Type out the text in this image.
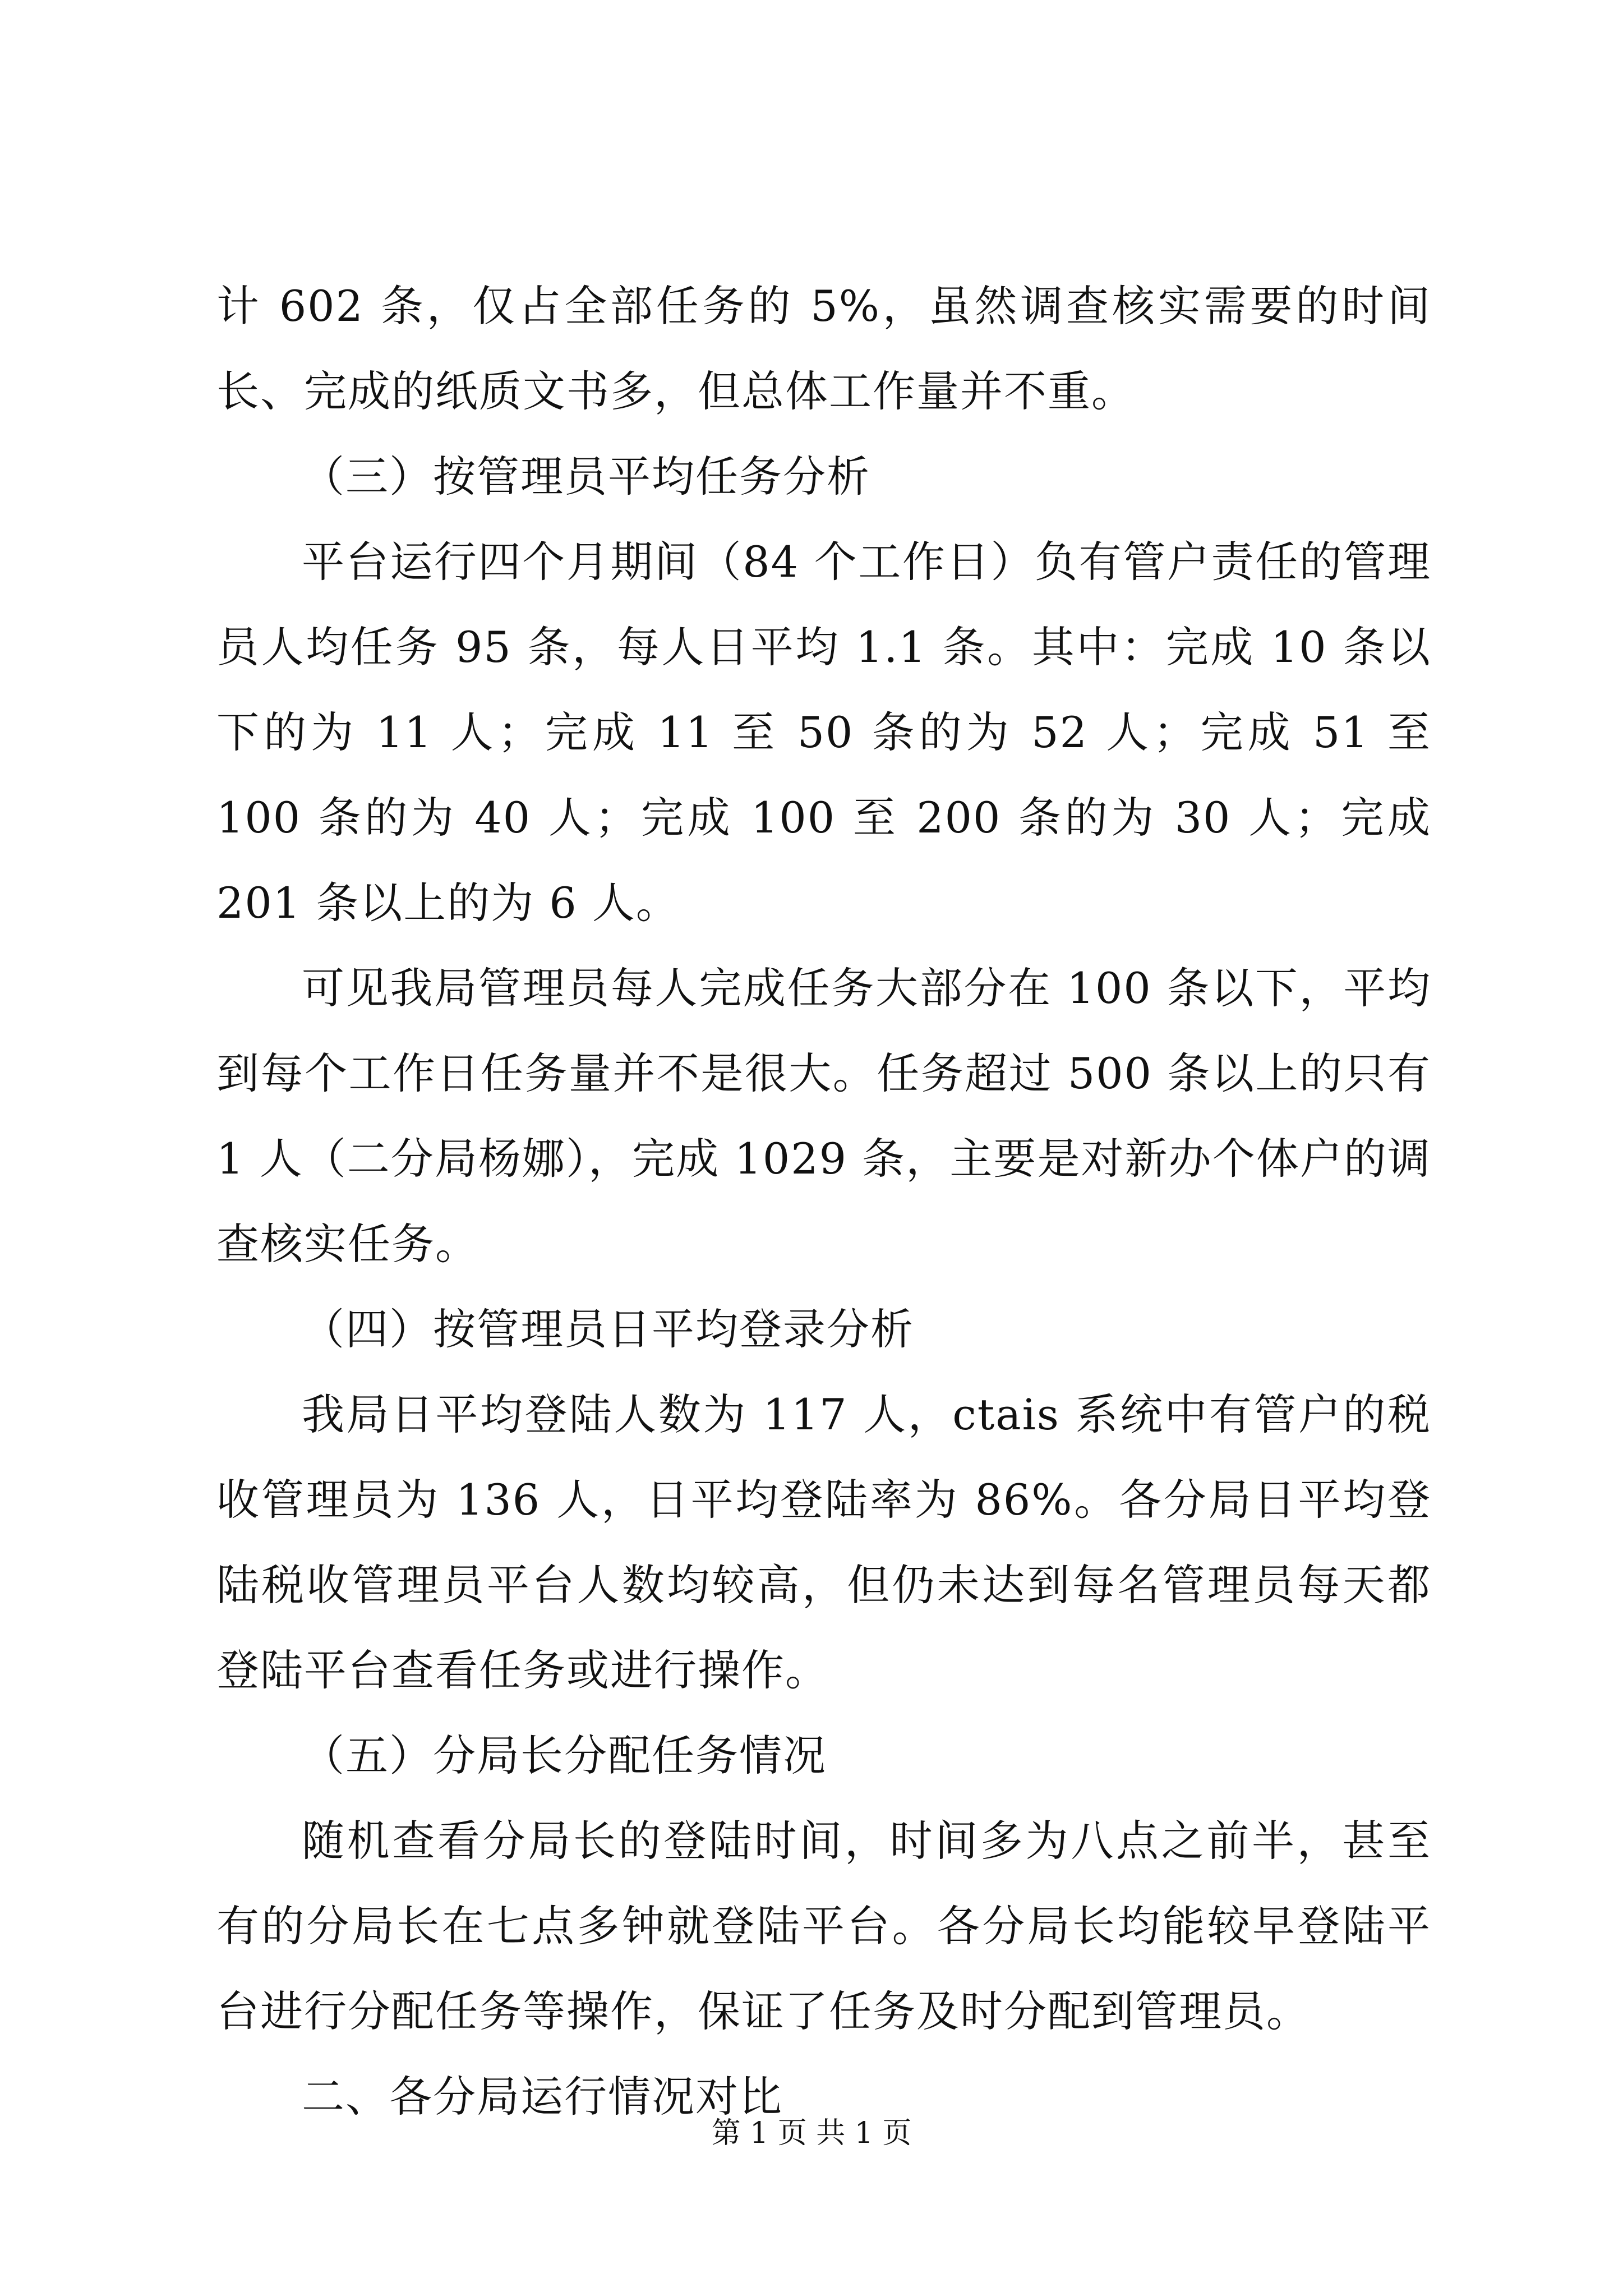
计 602 条，仅占全部任务的 5%，虽然调查核实需要的时间长、完成的纸质文书多，但总体工作量并不重。

（三）按管理员平均任务分析

平台运行四个月期间（84 个工作日）负有管户责任的管理员人均任务 95 条，每人日平均 1.1 条。其中：完成 10 条以下的为 11 人；完成 11 至 50 条的为 52 人；完成 51 至 100 条的为 40 人；完成 100 至 200 条的为 30 人；完成 201 条以上的为 6 人。

可见我局管理员每人完成任务大部分在 100 条以下，平均到每个工作日任务量并不是很大。任务超过 500 条以上的只有 1 人（二分局杨娜），完成 1029 条，主要是对新办个体户的调查核实任务。

（四）按管理员日平均登录分析

我局日平均登陆人数为 117 人，ctais 系统中有管户的税收管理员为 136 人，日平均登陆率为 86%。各分局日平均登陆税收管理员平台人数均较高，但仍未达到每名管理员每天都登陆平台查看任务或进行操作。

（五）分局长分配任务情况

随机查看分局长的登陆时间，时间多为八点之前半，甚至有的分局长在七点多钟就登陆平台。各分局长均能较早登陆平台进行分配任务等操作，保证了任务及时分配到管理员。

二、各分局运行情况对比

第 1 页 共 1 页
